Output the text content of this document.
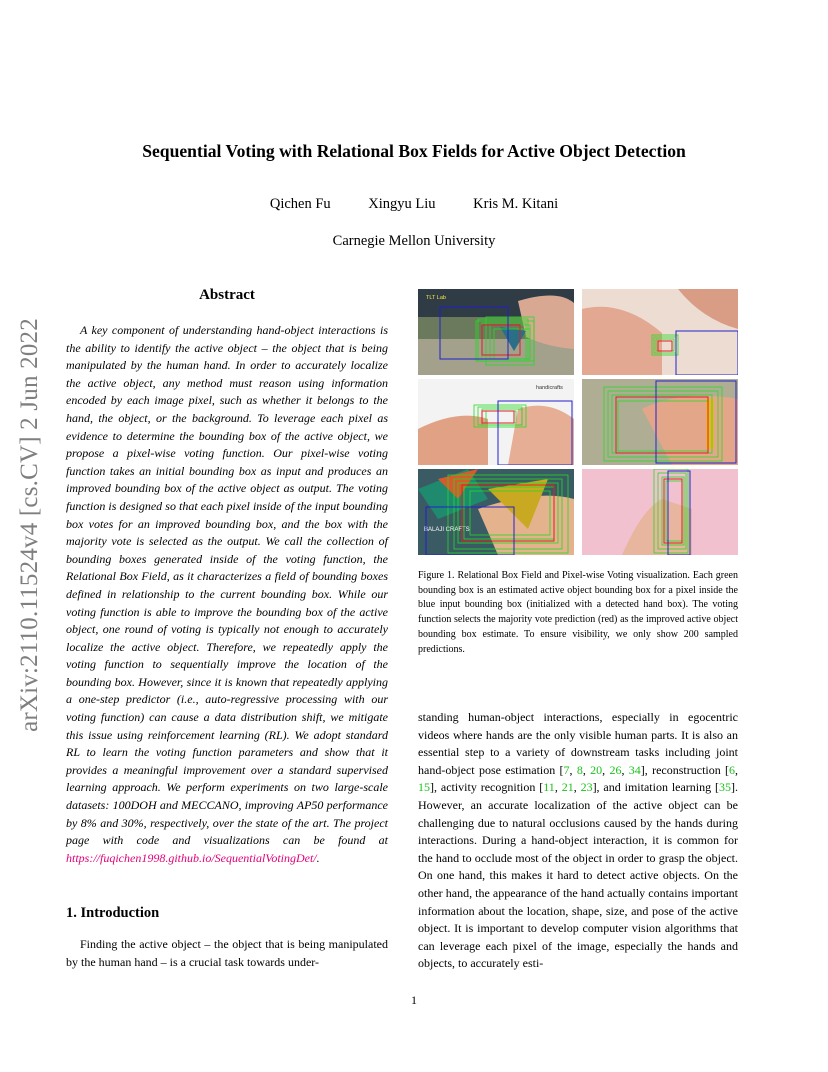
arXiv:2110.11524v4 [cs.CV] 2 Jun 2022
Sequential Voting with Relational Box Fields for Active Object Detection
Qichen Fu	Xingyu Liu	Kris M. Kitani
Carnegie Mellon University
Abstract

A key component of understanding hand-object interactions is the ability to identify the active object – the object that is being manipulated by the human hand. In order to accurately localize the active object, any method must reason using information encoded by each image pixel, such as whether it belongs to the hand, the object, or the background. To leverage each pixel as evidence to determine the bounding box of the active object, we propose a pixel-wise voting function. Our pixel-wise voting function takes an initial bounding box as input and produces an improved bounding box of the active object as output. The voting function is designed so that each pixel inside of the input bounding box votes for an improved bounding box, and the box with the majority vote is selected as the output. We call the collection of bounding boxes generated inside of the voting function, the Relational Box Field, as it characterizes a field of bounding boxes defined in relationship to the current bounding box. While our voting function is able to improve the bounding box of the active object, one round of voting is typically not enough to accurately localize the active object. Therefore, we repeatedly apply the voting function to sequentially improve the location of the bounding box. However, since it is known that repeatedly applying a one-step predictor (i.e., auto-regressive processing with our voting function) can cause a data distribution shift, we mitigate this issue using reinforcement learning (RL). We adopt standard RL to learn the voting function parameters and show that it provides a meaningful improvement over a standard supervised learning approach. We perform experiments on two large-scale datasets: 100DOH and MECCANO, improving AP50 performance by 8% and 30%, respectively, over the state of the art. The project page with code and visualizations can be found at https://fuqichen1998.github.io/SequentialVotingDet/.

1. Introduction

Finding the active object – the object that is being manipulated by the human hand – is a crucial task towards under-

TLT Lab
handicrafts
BALAJI CRAFTS

Figure 1. Relational Box Field and Pixel-wise Voting visualization. Each green bounding box is an estimated active object bounding box for a pixel inside the blue input bounding box (initialized with a detected hand box). The voting function selects the majority vote prediction (red) as the improved active object bounding box estimate. To ensure visibility, we only show 200 sampled predictions.

standing human-object interactions, especially in egocentric videos where hands are the only visible human parts. It is also an essential step to a variety of downstream tasks including joint hand-object pose estimation [7, 8, 20, 26, 34], reconstruction [6, 15], activity recognition [11, 21, 23], and imitation learning [35]. However, an accurate localization of the active object can be challenging due to natural occlusions caused by the hands during interactions. During a hand-object interaction, it is common for the hand to occlude most of the object in order to grasp the object. On one hand, this makes it hard to detect active objects. On the other hand, the appearance of the hand actually contains important information about the location, shape, size, and pose of the active object. It is important to develop computer vision algorithms that can leverage each pixel of the image, especially the hands and objects, to accurately esti-

1
